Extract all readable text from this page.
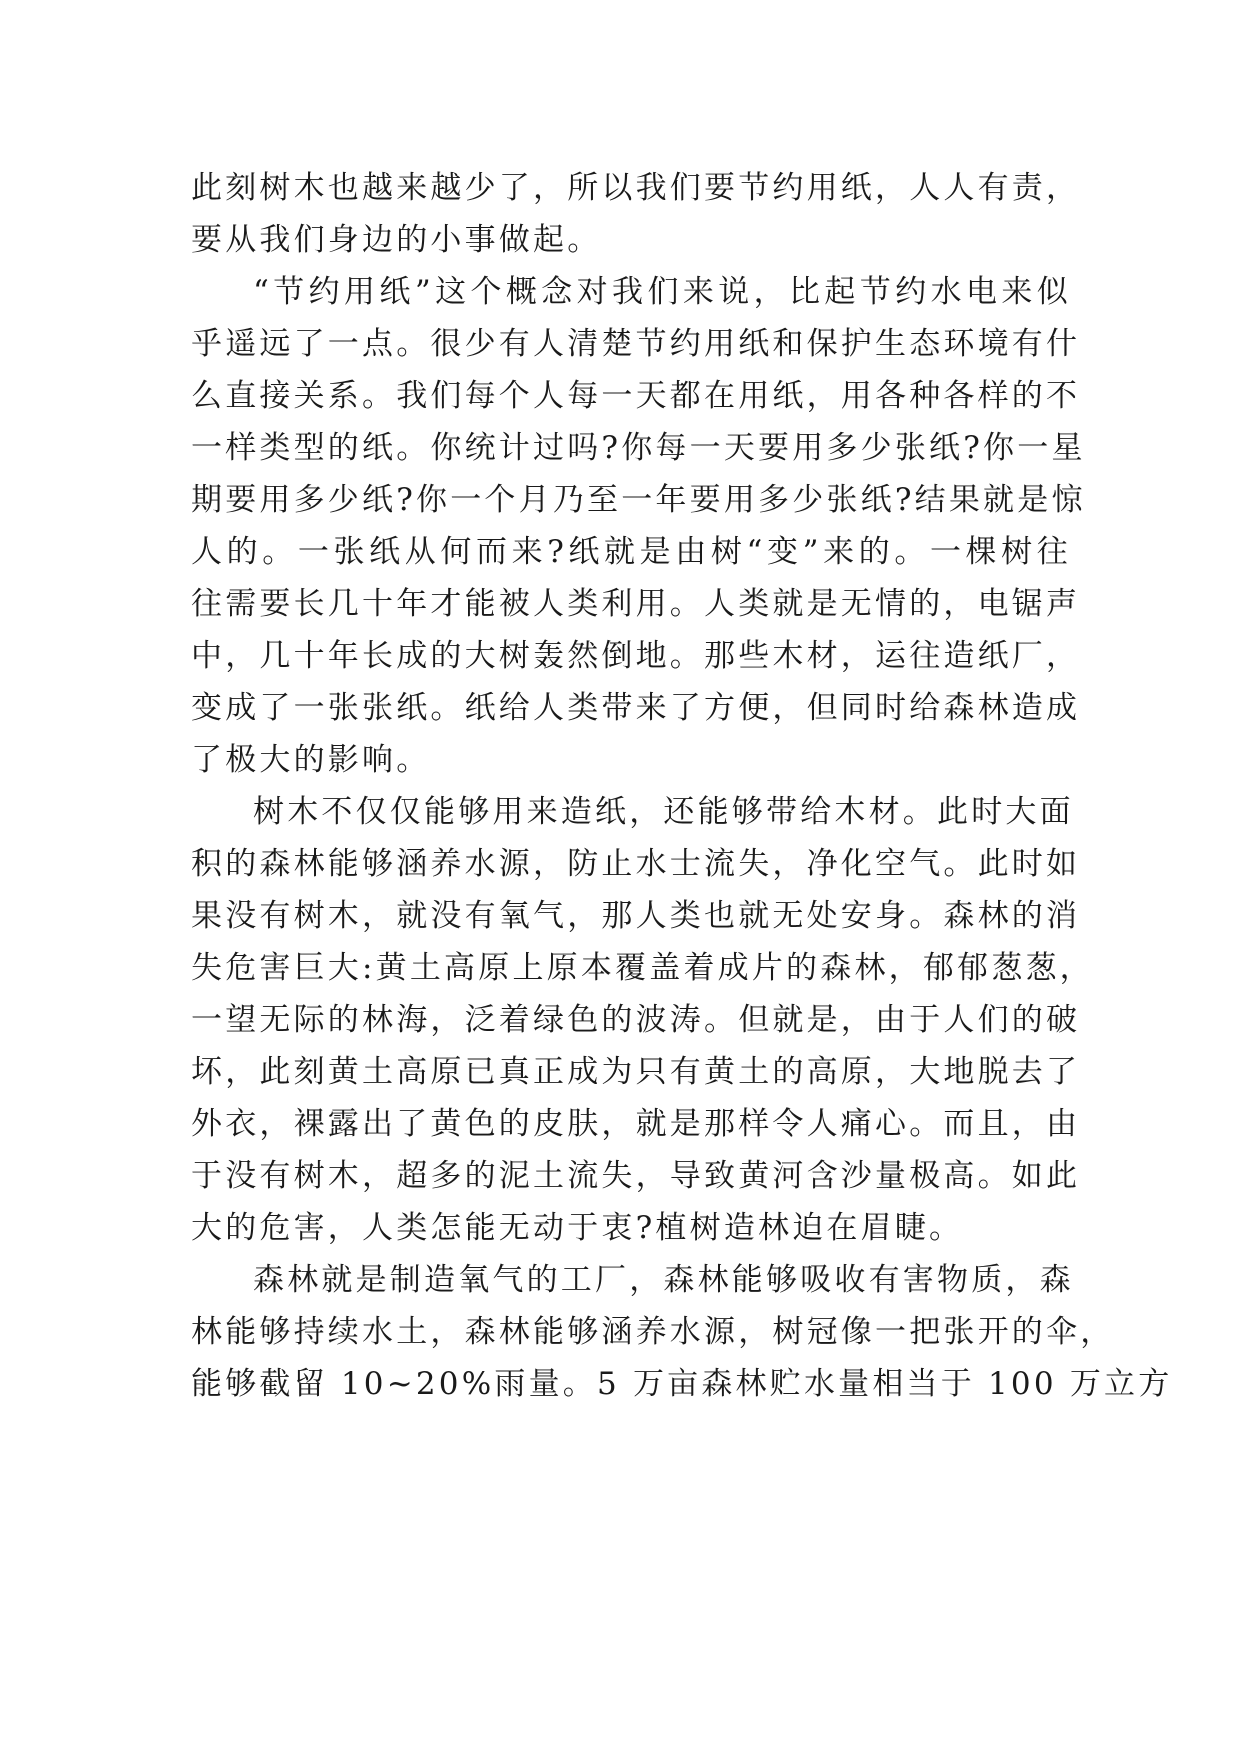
此刻树木也越来越少了，所以我们要节约用纸，人人有责，
要从我们身边的小事做起。
“节约用纸”这个概念对我们来说，比起节约水电来似
乎遥远了一点。很少有人清楚节约用纸和保护生态环境有什
么直接关系。我们每个人每一天都在用纸，用各种各样的不
一样类型的纸。你统计过吗?你每一天要用多少张纸?你一星
期要用多少纸?你一个月乃至一年要用多少张纸?结果就是惊
人的。一张纸从何而来?纸就是由树“变”来的。一棵树往
往需要长几十年才能被人类利用。人类就是无情的，电锯声
中，几十年长成的大树轰然倒地。那些木材，运往造纸厂，
变成了一张张纸。纸给人类带来了方便，但同时给森林造成
了极大的影响。
树木不仅仅能够用来造纸，还能够带给木材。此时大面
积的森林能够涵养水源，防止水士流失，净化空气。此时如
果没有树木，就没有氧气，那人类也就无处安身。森林的消
失危害巨大:黄土高原上原本覆盖着成片的森林，郁郁葱葱，
一望无际的林海，泛着绿色的波涛。但就是，由于人们的破
坏，此刻黄土高原已真正成为只有黄土的高原，大地脱去了
外衣，裸露出了黄色的皮肤，就是那样令人痛心。而且，由
于没有树木，超多的泥土流失，导致黄河含沙量极高。如此
大的危害，人类怎能无动于衷?植树造林迫在眉睫。
森林就是制造氧气的工厂，森林能够吸收有害物质，森
林能够持续水土，森林能够涵养水源，树冠像一把张开的伞，
能够截留 10~20%雨量。5 万亩森林贮水量相当于 100 万立方
